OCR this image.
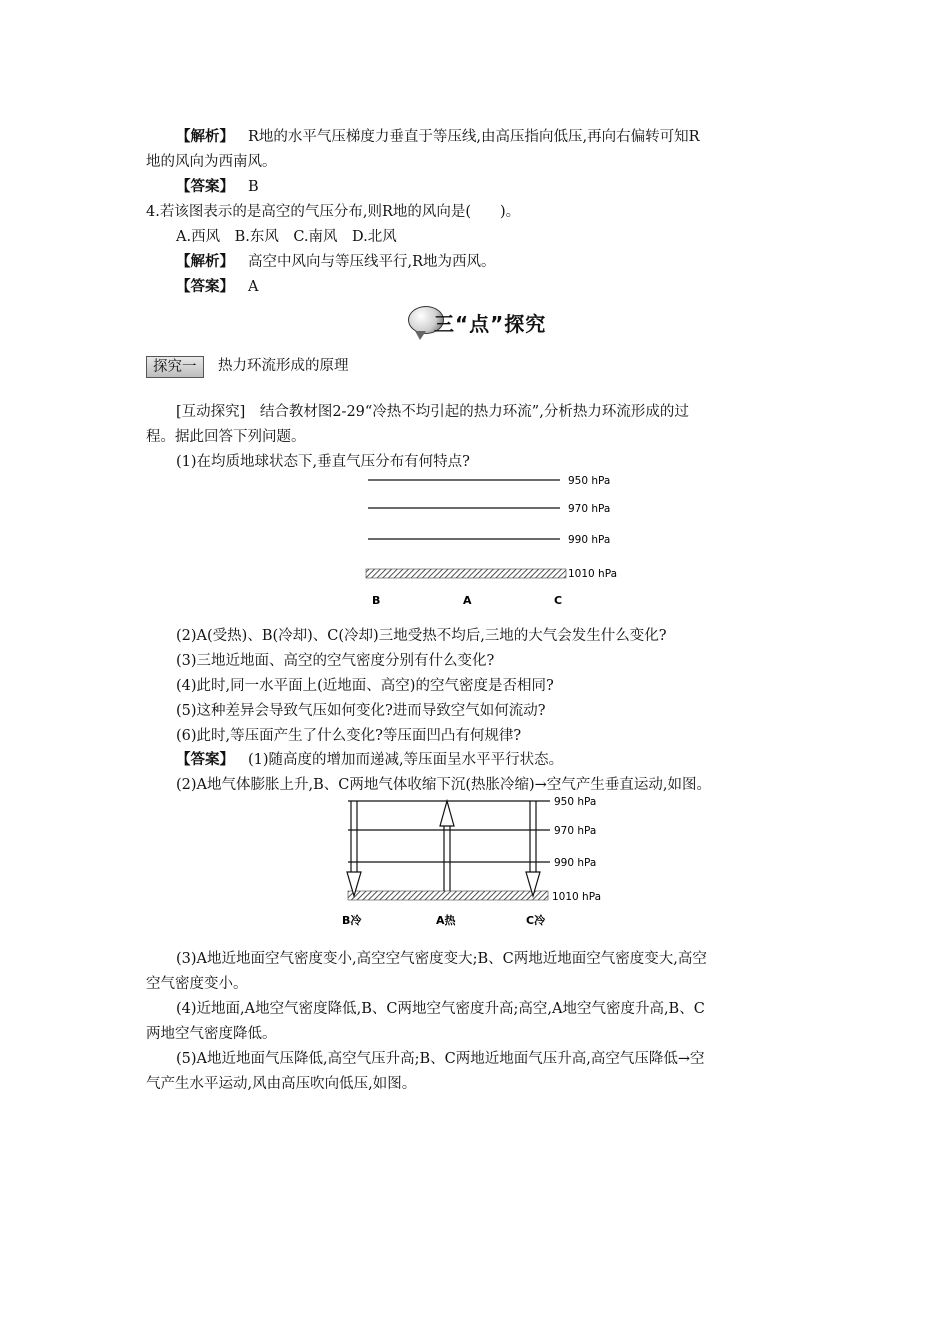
【解析】 R地的水平气压梯度力垂直于等压线,由高压指向低压,再向右偏转可知R
地的风向为西南风。
【答案】 B
4.若该图表示的是高空的气压分布,则R地的风向是(　　)。
A.西风　B.东风　C.南风　D.北风
【解析】 高空中风向与等压线平行,R地为西风。
【答案】 A
三“点”探究
探究一	热力环流形成的原理
[互动探究]　结合教材图2-29“冷热不均引起的热力环流”,分析热力环流形成的过
程。据此回答下列问题。
(1)在均质地球状态下,垂直气压分布有何特点?
950 hPa
970 hPa
990 hPa
1010 hPa
B	A	C
(2)A(受热)、B(冷却)、C(冷却)三地受热不均后,三地的大气会发生什么变化?
(3)三地近地面、高空的空气密度分别有什么变化?
(4)此时,同一水平面上(近地面、高空)的空气密度是否相同?
(5)这种差异会导致气压如何变化?进而导致空气如何流动?
(6)此时,等压面产生了什么变化?等压面凹凸有何规律?
【答案】 (1)随高度的增加而递减,等压面呈水平平行状态。
(2)A地气体膨胀上升,B、C两地气体收缩下沉(热胀冷缩)→空气产生垂直运动,如图。
950 hPa
970 hPa
990 hPa
1010 hPa
B冷	A热	C冷
(3)A地近地面空气密度变小,高空空气密度变大;B、C两地近地面空气密度变大,高空
空气密度变小。
(4)近地面,A地空气密度降低,B、C两地空气密度升高;高空,A地空气密度升高,B、C
两地空气密度降低。
(5)A地近地面气压降低,高空气压升高;B、C两地近地面气压升高,高空气压降低→空
气产生水平运动,风由高压吹向低压,如图。
